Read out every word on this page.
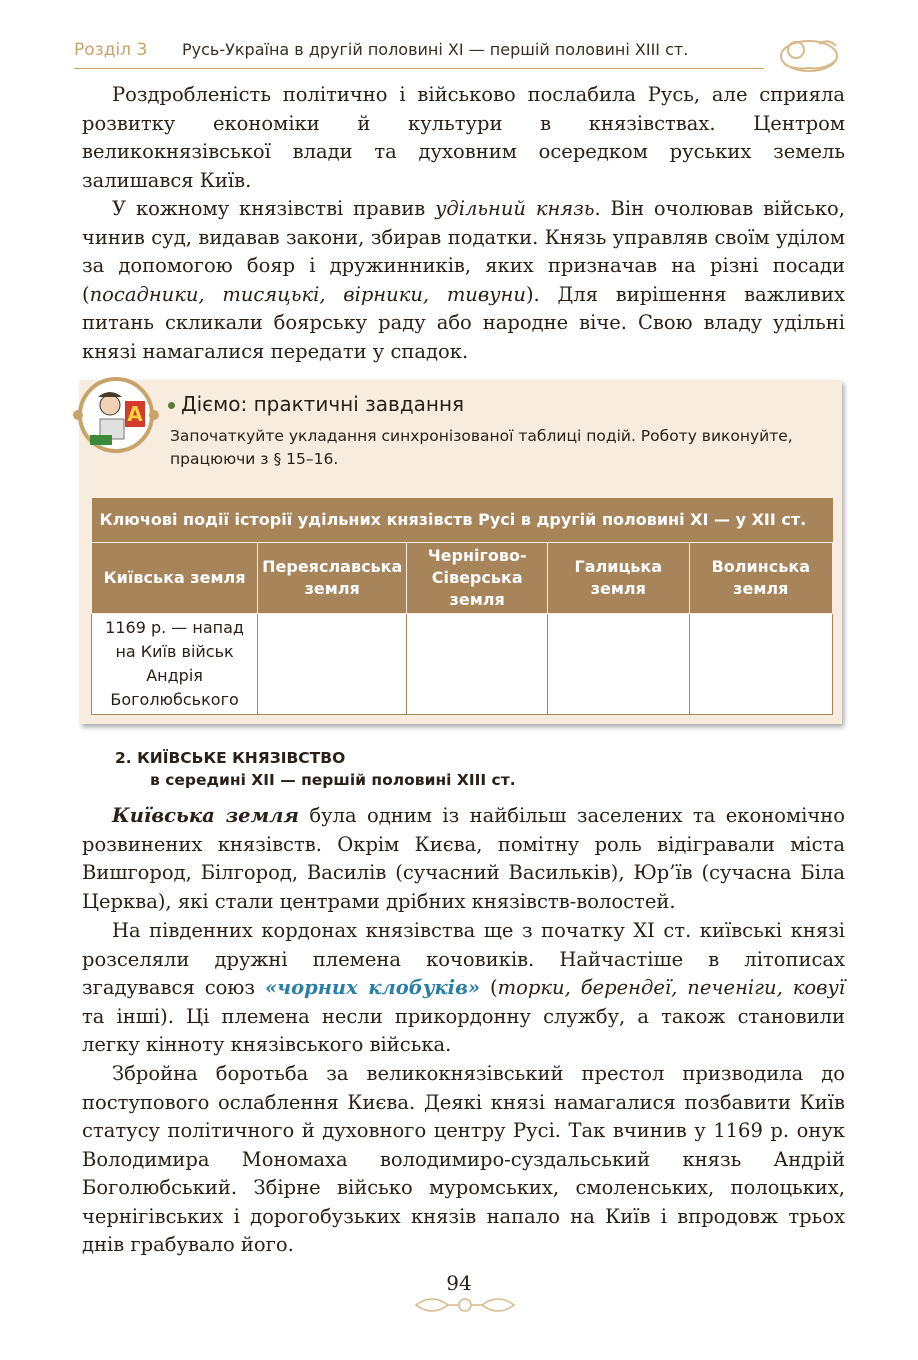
Розділ 3 Русь-Україна в другій половині XI — першій половині XIII ст.

Роздробленість політично і військово послабила Русь, але сприяла розвитку економіки й культури в князівствах. Центром великокнязівської влади та духовним осередком руських земель залишався Київ.

У кожному князівстві правив удільний князь. Він очолював військо, чинив суд, видавав закони, збирав податки. Князь управляв своїм уділом за допомогою бояр і дружинників, яких призначав на різні посади (посадники, тисяцькі, вірники, тивуни). Для вирішення важливих питань скликали боярську раду або народне віче. Свою владу удільні князі намагалися передати у спадок.

А	Діємо: практичні завдання
Започаткуйте укладання синхронізованої таблиці подій. Роботу виконуйте, працюючи з § 15–16.
Ключові події історії удільних князівств Русі в другій половині XI — у XII ст.				
Київська земля	Переяславська земля	Чернігово-Сіверська земля	Галицька земля	Волинська земля
1169 р. — напад на Київ військ Андрія Боголюбського				
2. КИЇВСЬКЕ КНЯЗІВСТВО
в середині XII — першій половині XIII ст.

Київська земля була одним із найбільш заселених та економічно розвинених князівств. Окрім Києва, помітну роль відігравали міста Вишгород, Білгород, Василів (сучасний Васильків), Юр’їв (сучасна Біла Церква), які стали центрами дрібних князівств-волостей.

На південних кордонах князівства ще з початку XI ст. київські князі розселяли дружні племена кочовиків. Найчастіше в літописах згадувався союз «чорних клобуків» (торки, берендеї, печеніги, ковуї та інші). Ці племена несли прикордонну службу, а також становили легку кінноту князівського війська.

Збройна боротьба за великокнязівський престол призводила до поступового ослаблення Києва. Деякі князі намагалися позбавити Київ статусу політичного й духовного центру Русі. Так вчинив у 1169 р. онук Володимира Мономаха володимиро-суздальський князь Андрій Боголюбський. Збірне військо муромських, смоленських, полоцьких, чернігівських і дорогобузьких князів напало на Київ і впродовж трьох днів грабувало його.

94
